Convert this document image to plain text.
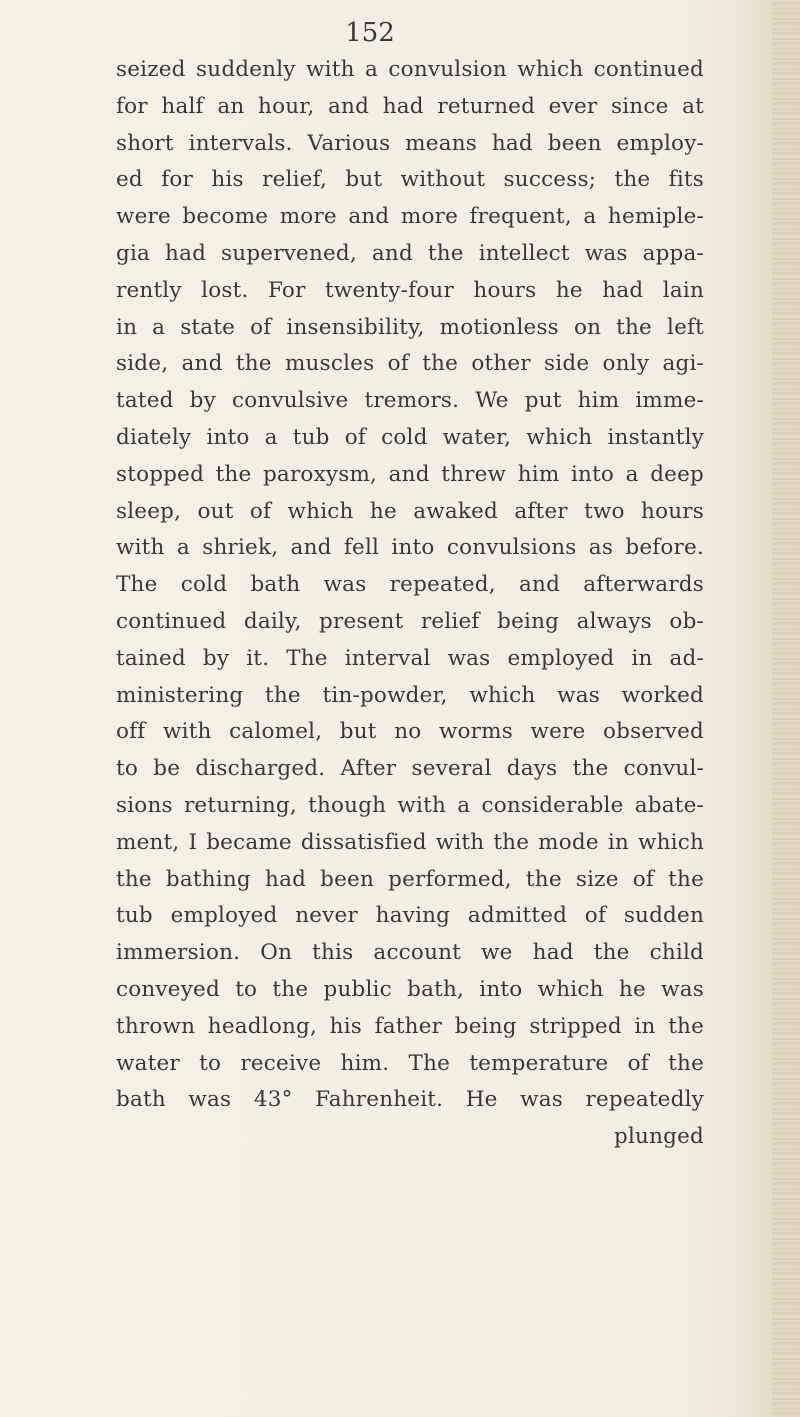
152
seized suddenly with a convulsion which continued
for half an hour, and had returned ever since at
short intervals. Various means had been employ-
ed for his relief, but without success; the fits
were become more and more frequent, a hemiple-
gia had supervened, and the intellect was appa-
rently lost. For twenty-four hours he had lain
in a state of insensibility, motionless on the left
side, and the muscles of the other side only agi-
tated by convulsive tremors. We put him imme-
diately into a tub of cold water, which instantly
stopped the paroxysm, and threw him into a deep
sleep, out of which he awaked after two hours
with a shriek, and fell into convulsions as before.
The cold bath was repeated, and afterwards
continued daily, present relief being always ob-
tained by it. The interval was employed in ad-
ministering the tin-powder, which was worked
off with calomel, but no worms were observed
to be discharged. After several days the convul-
sions returning, though with a considerable abate-
ment, I became dissatisfied with the mode in which
the bathing had been performed, the size of the
tub employed never having admitted of sudden
immersion. On this account we had the child
conveyed to the public bath, into which he was
thrown headlong, his father being stripped in the
water to receive him. The temperature of the
bath was 43° Fahrenheit. He was repeatedly
plunged
